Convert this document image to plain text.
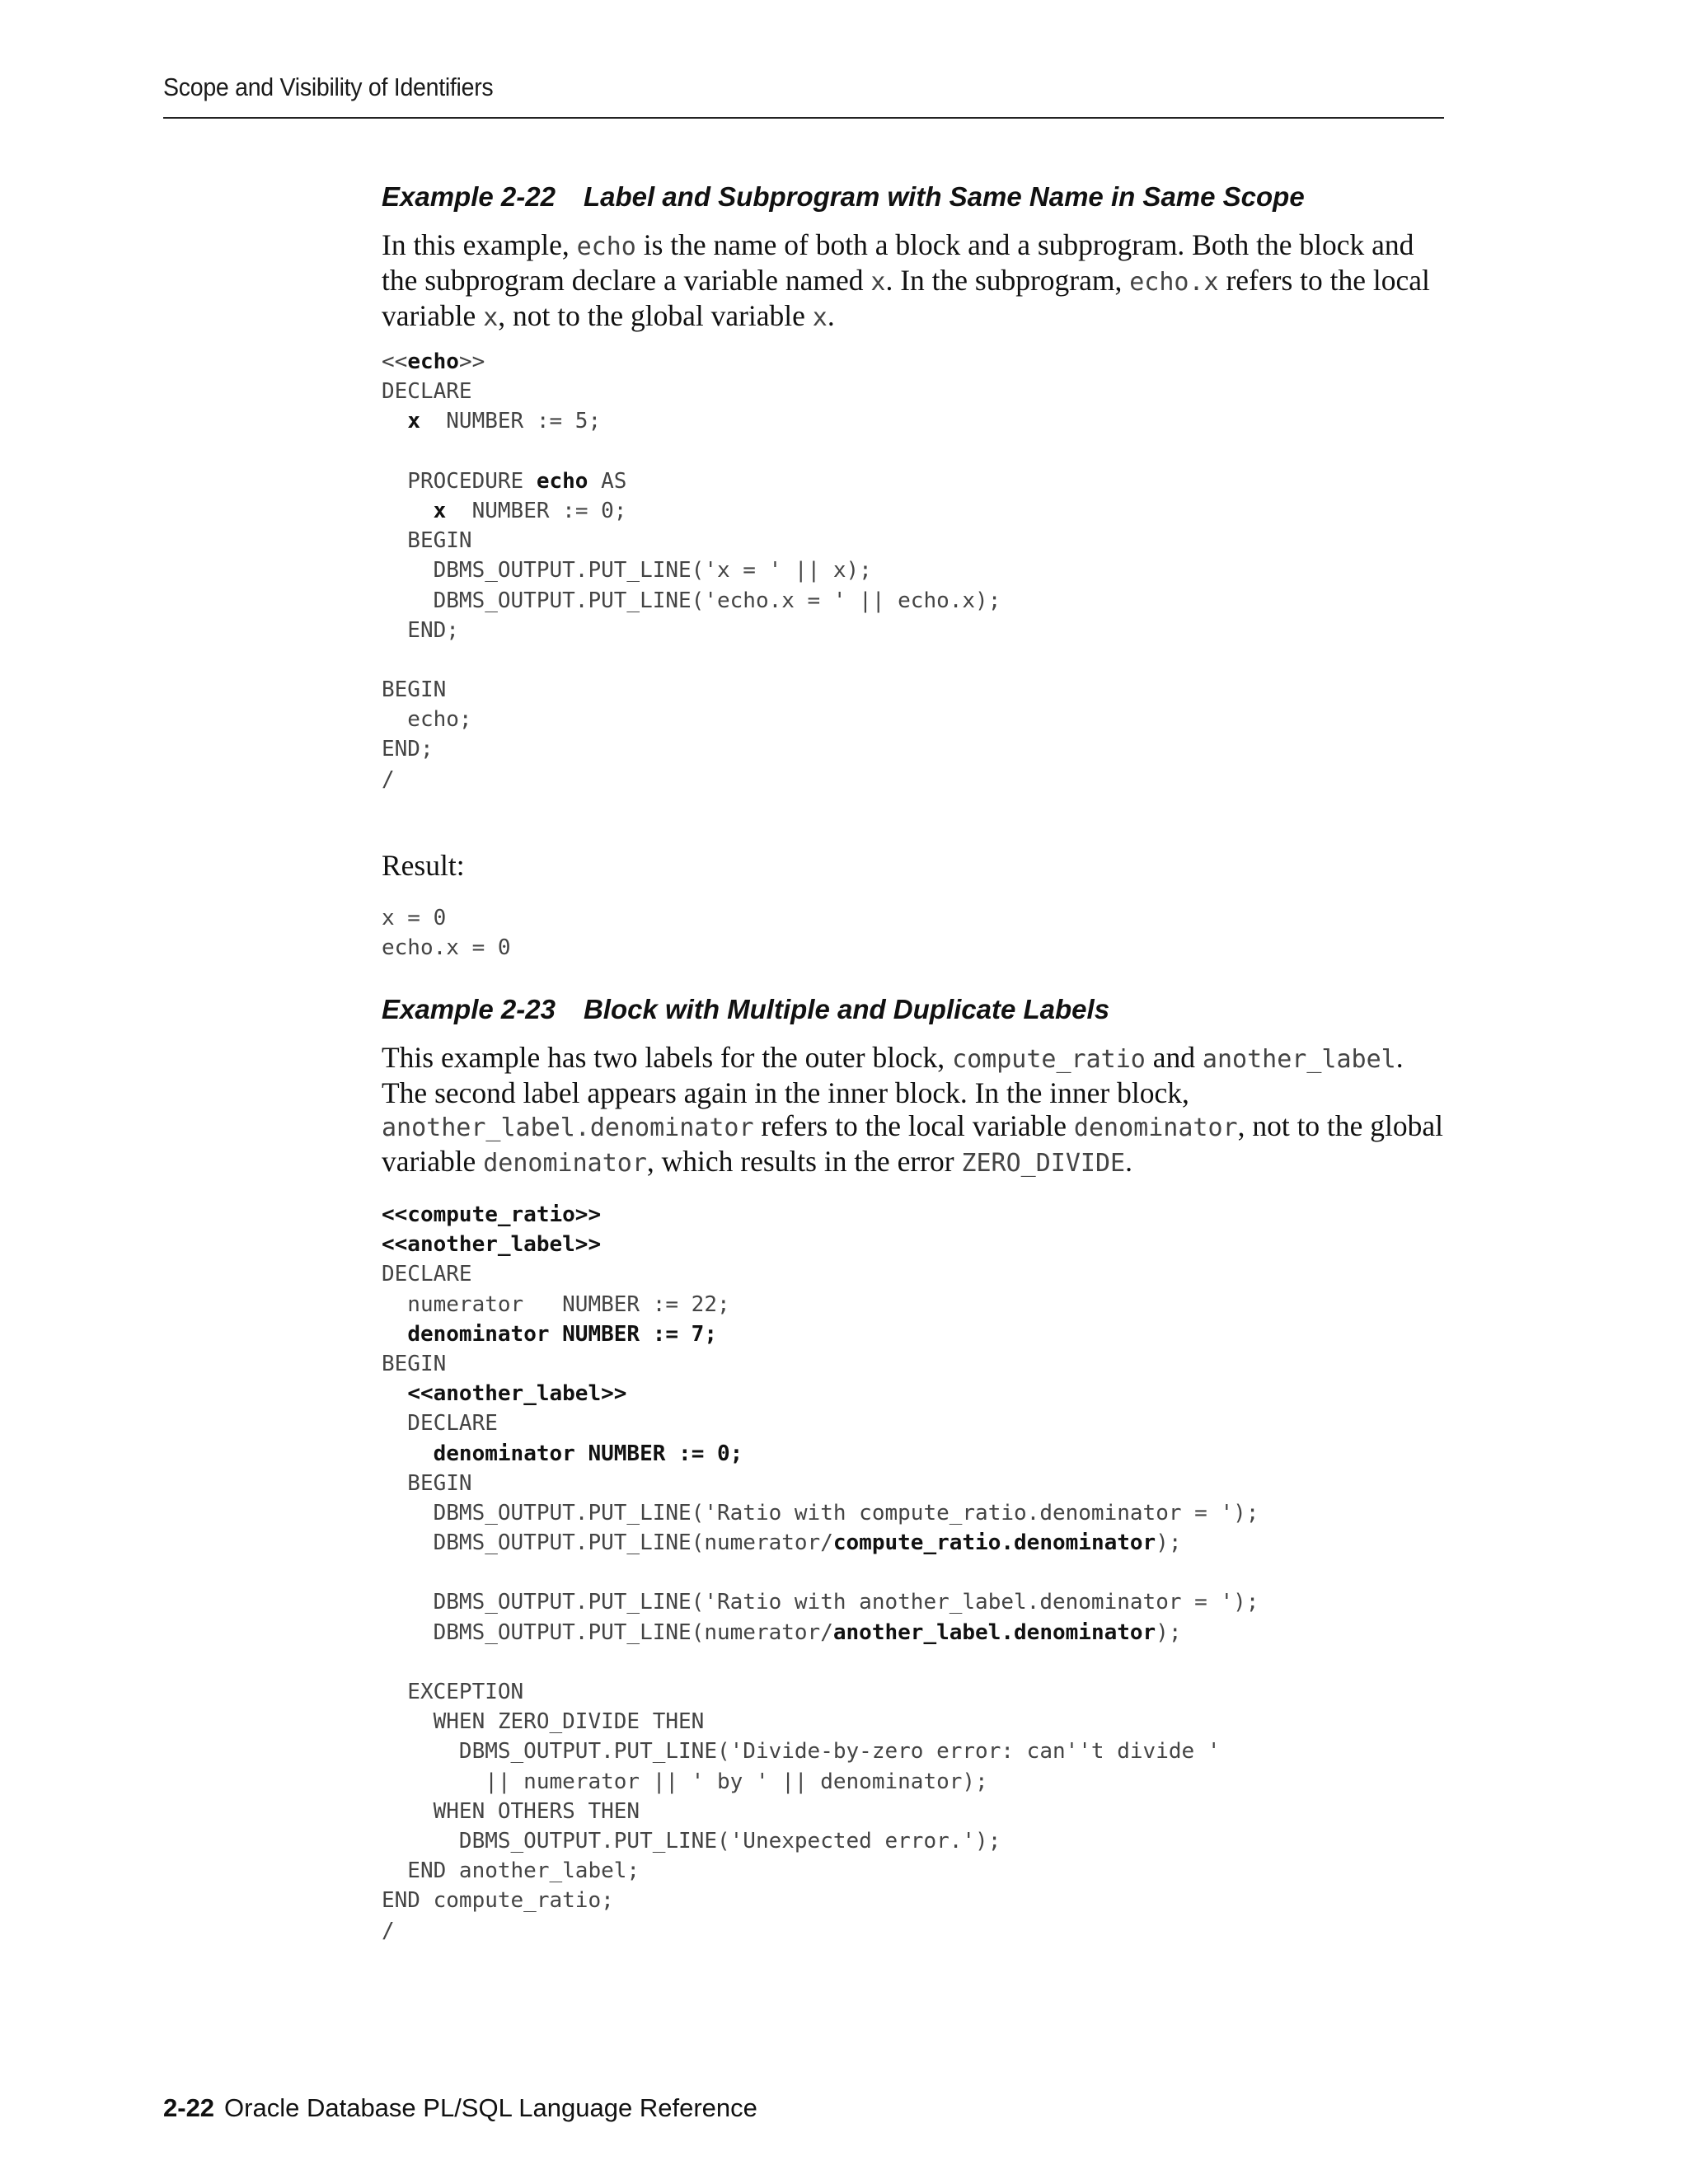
Scope and Visibility of Identifiers
Example 2-22 Label and Subprogram with Same Name in Same Scope

In this example, echo is the name of both a block and a subprogram. Both the block and the subprogram declare a variable named x. In the subprogram, echo.x refers to the local variable x, not to the global variable x.

<<echo>>
DECLARE
x  NUMBER := 5;
PROCEDURE echo AS
x  NUMBER := 0;
BEGIN
DBMS_OUTPUT.PUT_LINE('x = ' || x);
DBMS_OUTPUT.PUT_LINE('echo.x = ' || echo.x);
END;
BEGIN
echo;
END;
/

Result:

x = 0
echo.x = 0
Example 2-23 Block with Multiple and Duplicate Labels

This example has two labels for the outer block, compute_ratio and another_label. The second label appears again in the inner block. In the inner block, another_label.denominator refers to the local variable denominator, not to the global variable denominator, which results in the error ZERO_DIVIDE.

<<compute_ratio>>
<<another_label>>
DECLARE
numerator   NUMBER := 22;
denominator NUMBER := 7;
BEGIN
<<another_label>>
DECLARE
denominator NUMBER := 0;
BEGIN
DBMS_OUTPUT.PUT_LINE('Ratio with compute_ratio.denominator = ');
DBMS_OUTPUT.PUT_LINE(numerator/compute_ratio.denominator);
DBMS_OUTPUT.PUT_LINE('Ratio with another_label.denominator = ');
DBMS_OUTPUT.PUT_LINE(numerator/another_label.denominator);
EXCEPTION
WHEN ZERO_DIVIDE THEN
DBMS_OUTPUT.PUT_LINE('Divide-by-zero error: can''t divide '
|| numerator || ' by ' || denominator);
WHEN OTHERS THEN
DBMS_OUTPUT.PUT_LINE('Unexpected error.');
END another_label;
END compute_ratio;
/
2-22 Oracle Database PL/SQL Language Reference
